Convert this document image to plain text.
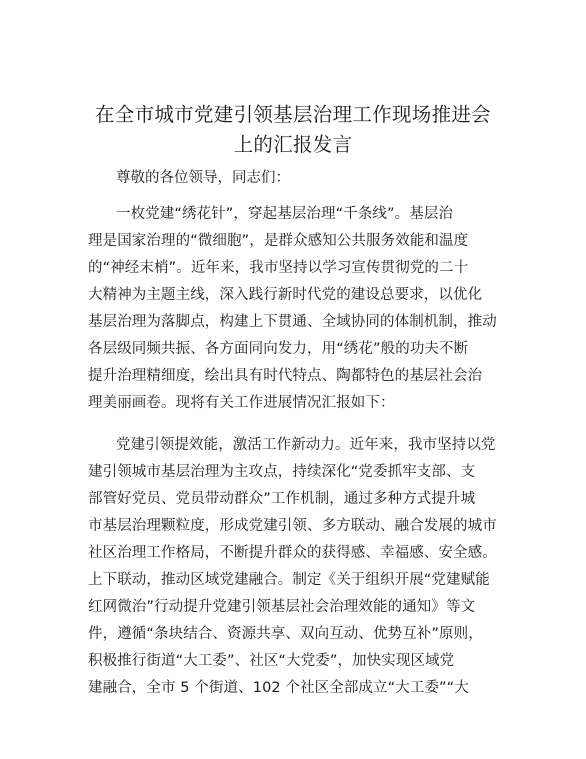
在全市城市党建引领基层治理工作现场推进会
上的汇报发言
尊敬的各位领导，同志们：
一枚党建“绣花针”，穿起基层治理“千条线”。基层治
理是国家治理的“微细胞”，是群众感知公共服务效能和温度
的“神经末梢”。近年来，我市坚持以学习宣传贯彻党的二十
大精神为主题主线，深入践行新时代党的建设总要求，以优化
基层治理为落脚点，构建上下贯通、全域协同的体制机制，推动
各层级同频共振、各方面同向发力，用“绣花”般的功夫不断
提升治理精细度，绘出具有时代特点、陶都特色的基层社会治
理美丽画卷。现将有关工作进展情况汇报如下：
党建引领提效能，激活工作新动力。近年来，我市坚持以党
建引领城市基层治理为主攻点，持续深化“党委抓牢支部、支
部管好党员、党员带动群众”工作机制，通过多种方式提升城
市基层治理颗粒度，形成党建引领、多方联动、融合发展的城市
社区治理工作格局，不断提升群众的获得感、幸福感、安全感。
上下联动，推动区域党建融合。制定《关于组织开展“党建赋能
红网微治”行动提升党建引领基层社会治理效能的通知》等文
件，遵循“条块结合、资源共享、双向互动、优势互补”原则，
积极推行街道“大工委”、社区“大党委”，加快实现区域党
建融合，全市 5 个街道、102 个社区全部成立“大工委”“大
